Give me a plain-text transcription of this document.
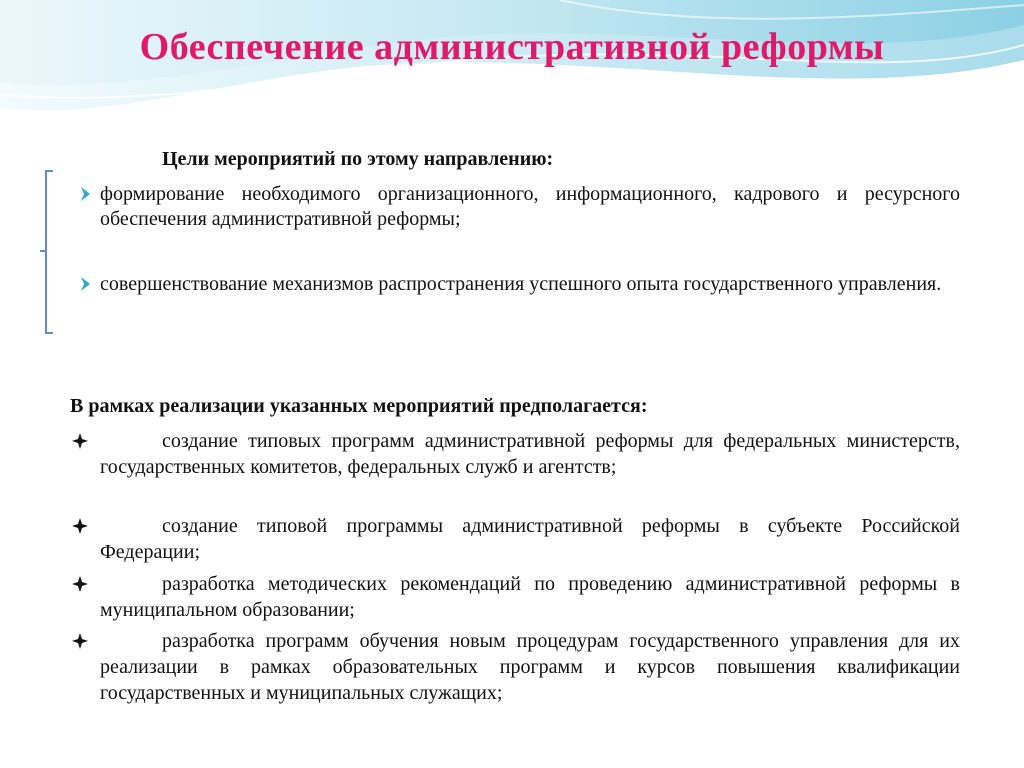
Обеспечение административной реформы

Цели мероприятий по этому направлению:

формирование необходимого организационного, информационного, кадрового и ресурсного обеспечения административной реформы;
совершенствование механизмов распространения успешного опыта государственного управления.

В рамках реализации указанных мероприятий предполагается:

создание типовых программ административной реформы для федеральных министерств, государственных комитетов, федеральных служб и агентств;
создание типовой программы административной реформы в субъекте Российской Федерации;
разработка методических рекомендаций по проведению административной реформы в муниципальном образовании;
разработка программ обучения новым процедурам государственного управления для их реализации в рамках образовательных программ и курсов повышения квалификации государственных и муниципальных служащих;
